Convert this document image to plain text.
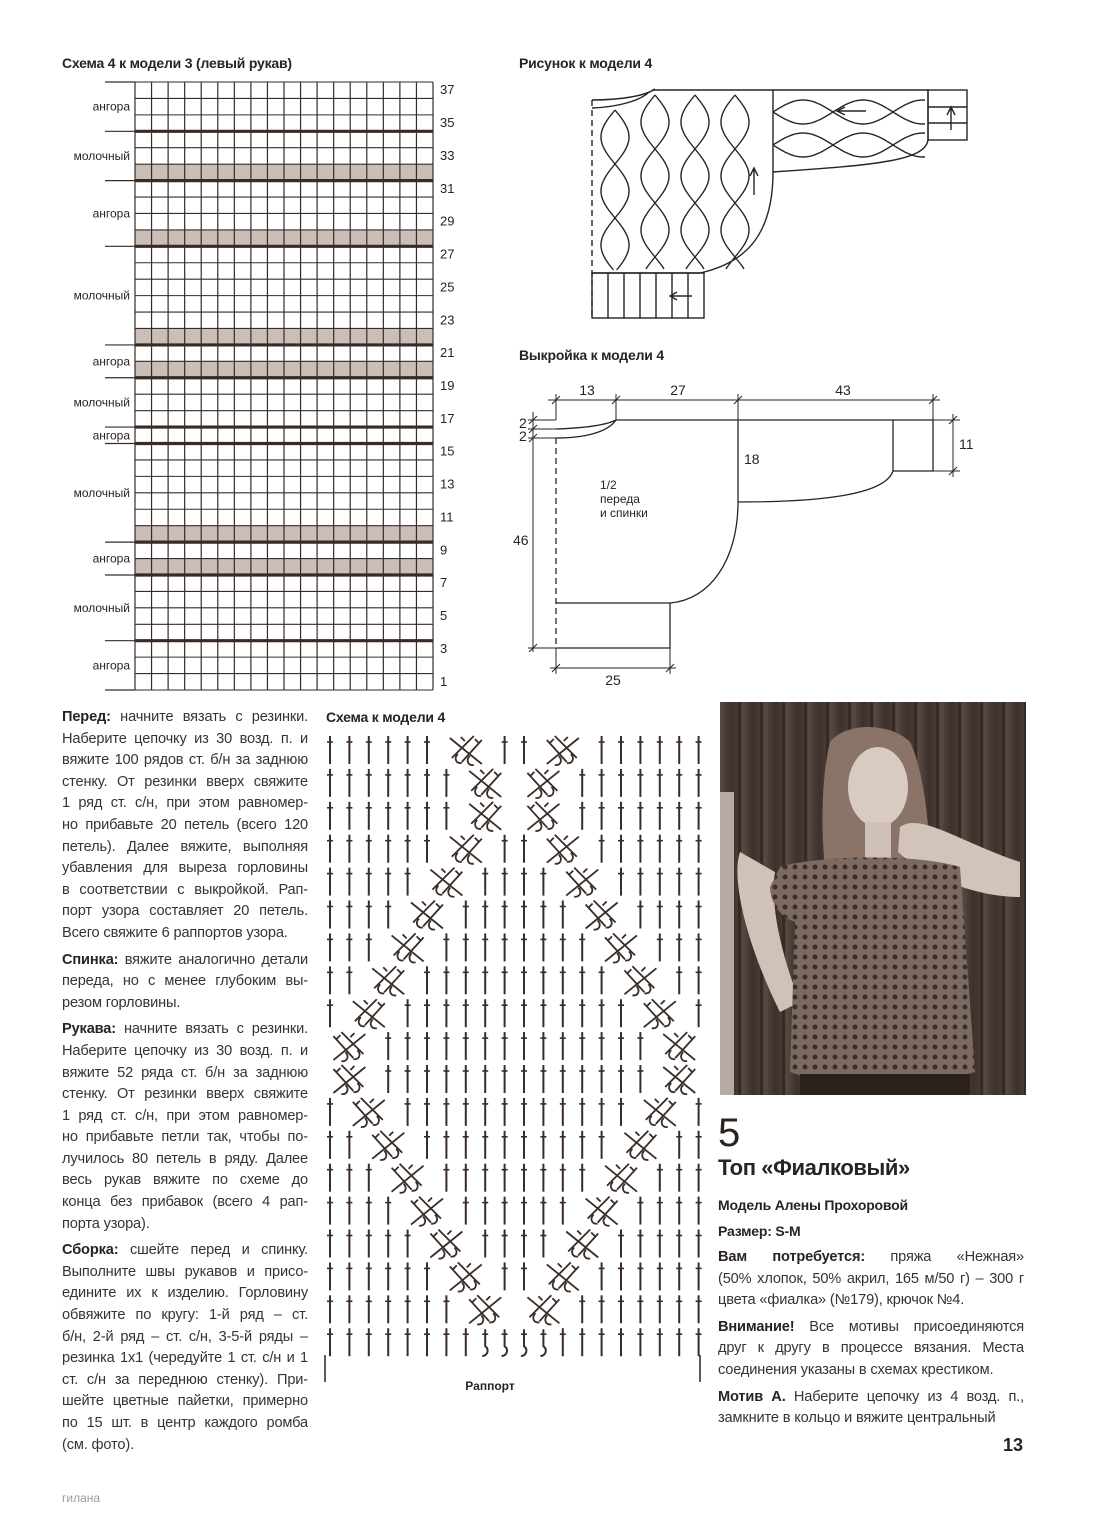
Схема 4 к модели 3 (левый рукав)	Рисунок к модели 4
Выкройка к модели 4
Схема к модели 4
ангора
молочный
ангора
молочный
ангора
молочный
ангора
молочный
ангора
молочный
ангора
1
3
5
7
9
11
13
15
17
19
21
23
25
27
29
31
33
35
37
13	27	43
2
2
18
11
46
25
1/2
переда
и спинки
Раппорт
Перед: начните вязать с резинки.
Наберите цепочку из 30 возд. п. и
вяжите 100 рядов ст. б/н за заднюю
стенку. От резинки вверх свяжите
1 ряд ст. с/н, при этом равномер-
но прибавьте 20 петель (всего 120
петель). Далее вяжите, выполняя
убавления для выреза горловины
в соответствии с выкройкой. Рап-
порт узора составляет 20 петель.
Всего свяжите 6 раппортов узора.
Спинка: вяжите аналогично детали
переда, но с менее глубоким вы-
резом горловины.
Рукава: начните вязать с резинки.
Наберите цепочку из 30 возд. п. и
вяжите 52 ряда ст. б/н за заднюю
стенку. От резинки вверх свяжите
1 ряд ст. с/н, при этом равномер-
но прибавьте петли так, чтобы по-
лучилось 80 петель в ряду. Далее
весь рукав вяжите по схеме до
конца без прибавок (всего 4 рап-
порта узора).
Сборка: сшейте перед и спинку.
Выполните швы рукавов и присо-
едините их к изделию. Горловину
обвяжите по кругу: 1-й ряд – ст.
б/н, 2-й ряд – ст. с/н, 3-5-й ряды –
резинка 1х1 (чередуйте 1 ст. с/н и 1
ст. с/н за переднюю стенку). При-
шейте цветные пайетки, примерно
по 15 шт. в центр каждого ромба
(см. фото).
5
Топ «Фиалковый»
Модель Алены Прохоровой
Размер: S-M
Вам потребуется: пряжа «Нежная»
(50% хлопок, 50% акрил, 165 м/50 г) – 300 г
цвета «фиалка» (№179), крючок №4.
Внимание! Все мотивы присоединяются
друг к другу в процессе вязания. Места
соединения указаны в схемах крестиком.
Мотив А. Наберите цепочку из 4 возд. п.,
замкните в кольцо и вяжите центральный
13
гилана
